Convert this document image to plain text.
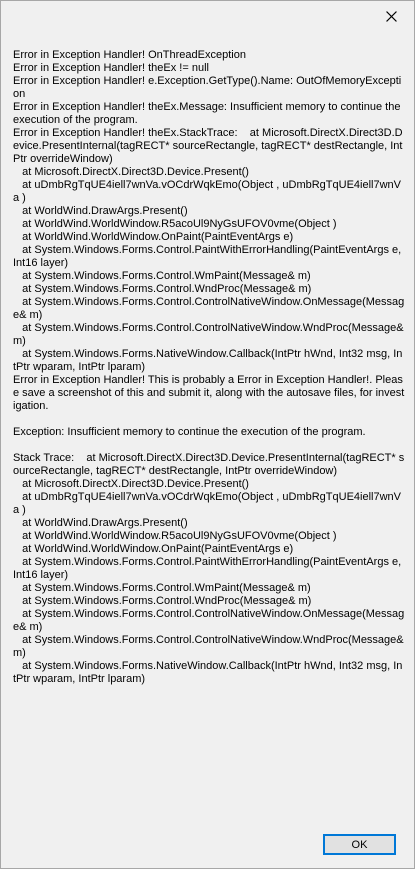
Error in Exception Handler! OnThreadException
Error in Exception Handler! theEx != null
Error in Exception Handler! e.Exception.GetType().Name: OutOfMemoryException
Error in Exception Handler! theEx.Message: Insufficient memory to continue the execution of the program.
Error in Exception Handler! theEx.StackTrace:    at Microsoft.DirectX.Direct3D.Device.PresentInternal(tagRECT* sourceRectangle, tagRECT* destRectangle, IntPtr overrideWindow)
at Microsoft.DirectX.Direct3D.Device.Present()
at uDmbRgTqUE4iell7wnVa.vOCdrWqkEmo(Object , uDmbRgTqUE4iell7wnVa )
at WorldWind.DrawArgs.Present()
at WorldWind.WorldWindow.R5acoUl9NyGsUFOV0vme(Object )
at WorldWind.WorldWindow.OnPaint(PaintEventArgs e)
at System.Windows.Forms.Control.PaintWithErrorHandling(PaintEventArgs e, Int16 layer)
at System.Windows.Forms.Control.WmPaint(Message& m)
at System.Windows.Forms.Control.WndProc(Message& m)
at System.Windows.Forms.Control.ControlNativeWindow.OnMessage(Message& m)
at System.Windows.Forms.Control.ControlNativeWindow.WndProc(Message& m)
at System.Windows.Forms.NativeWindow.Callback(IntPtr hWnd, Int32 msg, IntPtr wparam, IntPtr lparam)
Error in Exception Handler! This is probably a Error in Exception Handler!. Please save a screenshot of this and submit it, along with the autosave files, for investigation.

Exception: Insufficient memory to continue the execution of the program.

Stack Trace:    at Microsoft.DirectX.Direct3D.Device.PresentInternal(tagRECT* sourceRectangle, tagRECT* destRectangle, IntPtr overrideWindow)
at Microsoft.DirectX.Direct3D.Device.Present()
at uDmbRgTqUE4iell7wnVa.vOCdrWqkEmo(Object , uDmbRgTqUE4iell7wnVa )
at WorldWind.DrawArgs.Present()
at WorldWind.WorldWindow.R5acoUl9NyGsUFOV0vme(Object )
at WorldWind.WorldWindow.OnPaint(PaintEventArgs e)
at System.Windows.Forms.Control.PaintWithErrorHandling(PaintEventArgs e, Int16 layer)
at System.Windows.Forms.Control.WmPaint(Message& m)
at System.Windows.Forms.Control.WndProc(Message& m)
at System.Windows.Forms.Control.ControlNativeWindow.OnMessage(Message& m)
at System.Windows.Forms.Control.ControlNativeWindow.WndProc(Message& m)
at System.Windows.Forms.NativeWindow.Callback(IntPtr hWnd, Int32 msg, IntPtr wparam, IntPtr lparam)
OK
